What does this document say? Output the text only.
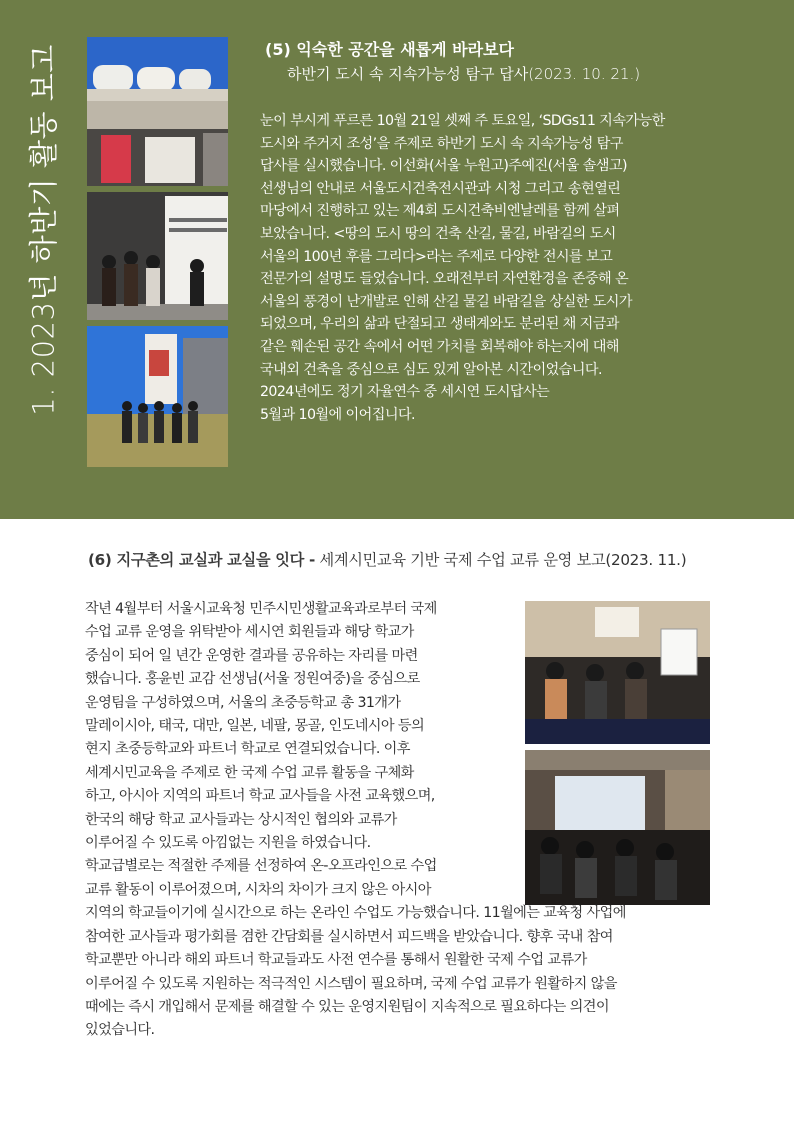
1. 2023년 하반기 활동 보고	(5) 익숙한 공간을 새롭게 바라보다
하반기 도시 속 지속가능성 탐구 답사(2023. 10. 21.)

눈이 부시게 푸르른 10월 21일 셋째 주 토요일, ‘SDGs11 지속가능한
도시와 주거지 조성’을 주제로 하반기 도시 속 지속가능성 탐구
답사를 실시했습니다. 이선화(서울 누원고)주예진(서울 솔샘고)
선생님의 안내로 서울도시건축전시관과 시청 그리고 송현열린
마당에서 진행하고 있는 제4회 도시건축비엔날레를 함께 살펴
보았습니다. <땅의 도시 땅의 건축 산길, 물길, 바람길의 도시
서울의 100년 후를 그리다>라는 주제로 다양한 전시를 보고
전문가의 설명도 들었습니다. 오래전부터 자연환경을 존중해 온
서울의 풍경이 난개발로 인해 산길 물길 바람길을 상실한 도시가
되었으며, 우리의 삶과 단절되고 생태계와도 분리된 채 지금과
같은 훼손된 공간 속에서 어떤 가치를 회복해야 하는지에 대해
국내외 건축을 중심으로 심도 있게 알아본 시간이었습니다.
2024년에도 정기 자율연수 중 세시연 도시답사는
5월과 10월에 이어집니다.

(6) 지구촌의 교실과 교실을 잇다 - 세계시민교육 기반 국제 수업 교류 운영 보고(2023. 11.)

작년 4월부터 서울시교육청 민주시민생활교육과로부터 국제
수업 교류 운영을 위탁받아 세시연 회원들과 해당 학교가
중심이 되어 일 년간 운영한 결과를 공유하는 자리를 마련
했습니다. 홍윤빈 교감 선생님(서울 정원여중)을 중심으로
운영팀을 구성하였으며, 서울의 초중등학교 총 31개가
말레이시아, 태국, 대만, 일본, 네팔, 몽골, 인도네시아 등의
현지 초중등학교와 파트너 학교로 연결되었습니다. 이후
세계시민교육을 주제로 한 국제 수업 교류 활동을 구체화
하고, 아시아 지역의 파트너 학교 교사들을 사전 교육했으며,
한국의 해당 학교 교사들과는 상시적인 협의와 교류가
이루어질 수 있도록 아낌없는 지원을 하였습니다.
학교급별로는 적절한 주제를 선정하여 온-오프라인으로 수업
교류 활동이 이루어졌으며, 시차의 차이가 크지 않은 아시아
지역의 학교들이기에 실시간으로 하는 온라인 수업도 가능했습니다. 11월에는 교육청 사업에
참여한 교사들과 평가회를 겸한 간담회를 실시하면서 피드백을 받았습니다. 향후 국내 참여
학교뿐만 아니라 해외 파트너 학교들과도 사전 연수를 통해서 원활한 국제 수업 교류가
이루어질 수 있도록 지원하는 적극적인 시스템이 필요하며, 국제 수업 교류가 원활하지 않을
때에는 즉시 개입해서 문제를 해결할 수 있는 운영지원팀이 지속적으로 필요하다는 의견이
있었습니다.
